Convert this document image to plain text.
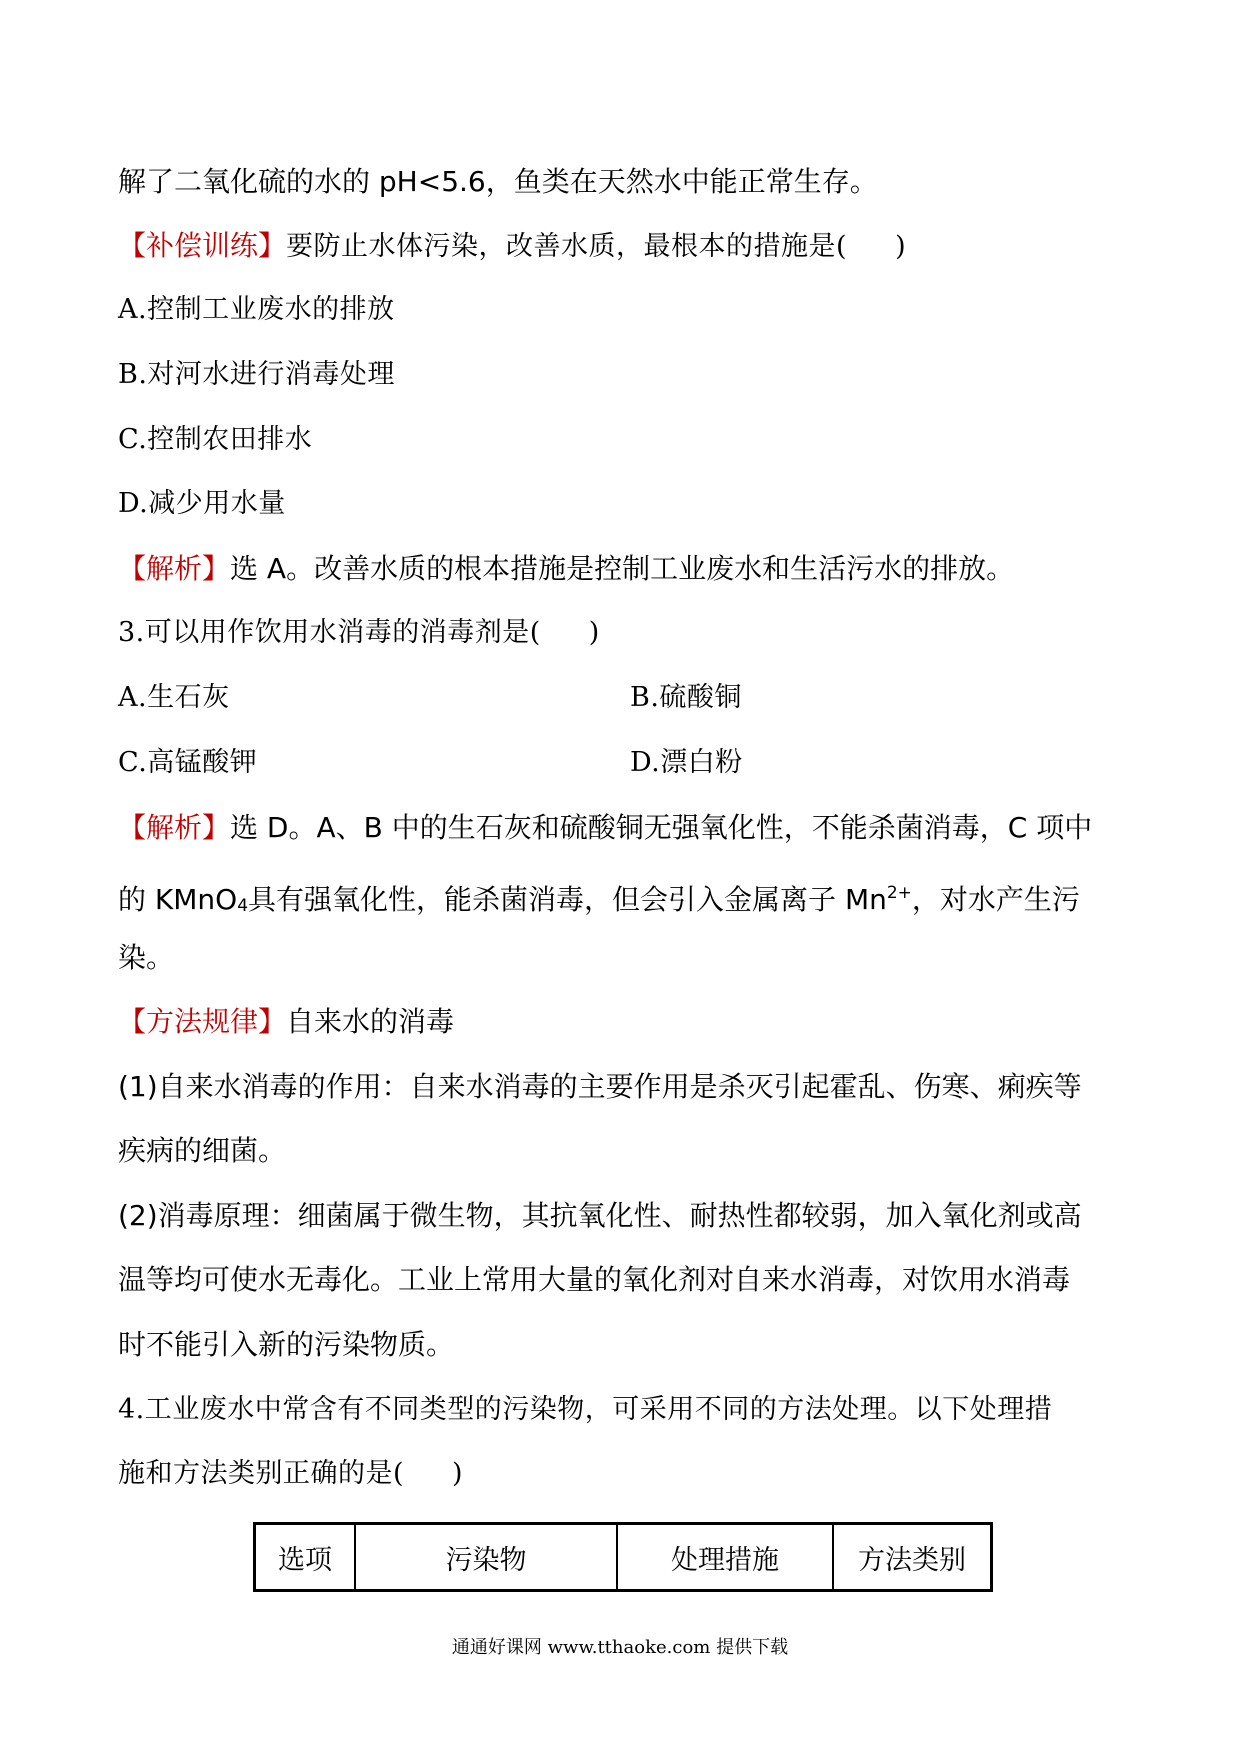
解了二氧化硫的水的 pH<5.6，鱼类在天然水中能正常生存。
【补偿训练】要防止水体污染，改善水质，最根本的措施是( )
A.控制工业废水的排放
B.对河水进行消毒处理
C.控制农田排水
D.减少用水量
【解析】选 A。改善水质的根本措施是控制工业废水和生活污水的排放。
3.可以用作饮用水消毒的消毒剂是( )
A.生石灰	B.硫酸铜
C.高锰酸钾	D.漂白粉
【解析】选 D。A、B 中的生石灰和硫酸铜无强氧化性，不能杀菌消毒，C 项中
的 KMnO$_4$具有强氧化性，能杀菌消毒，但会引入金属离子 $Mn^{2+}$，对水产生污
染。
【方法规律】自来水的消毒
(1)自来水消毒的作用：自来水消毒的主要作用是杀灭引起霍乱、伤寒、痢疾等
疾病的细菌。
(2)消毒原理：细菌属于微生物，其抗氧化性、耐热性都较弱，加入氧化剂或高
温等均可使水无毒化。工业上常用大量的氧化剂对自来水消毒，对饮用水消毒
时不能引入新的污染物质。
4.工业废水中常含有不同类型的污染物，可采用不同的方法处理。以下处理措
施和方法类别正确的是( )
选项	污染物	处理措施	方法类别
通通好课网 www.tthaoke.com 提供下载
